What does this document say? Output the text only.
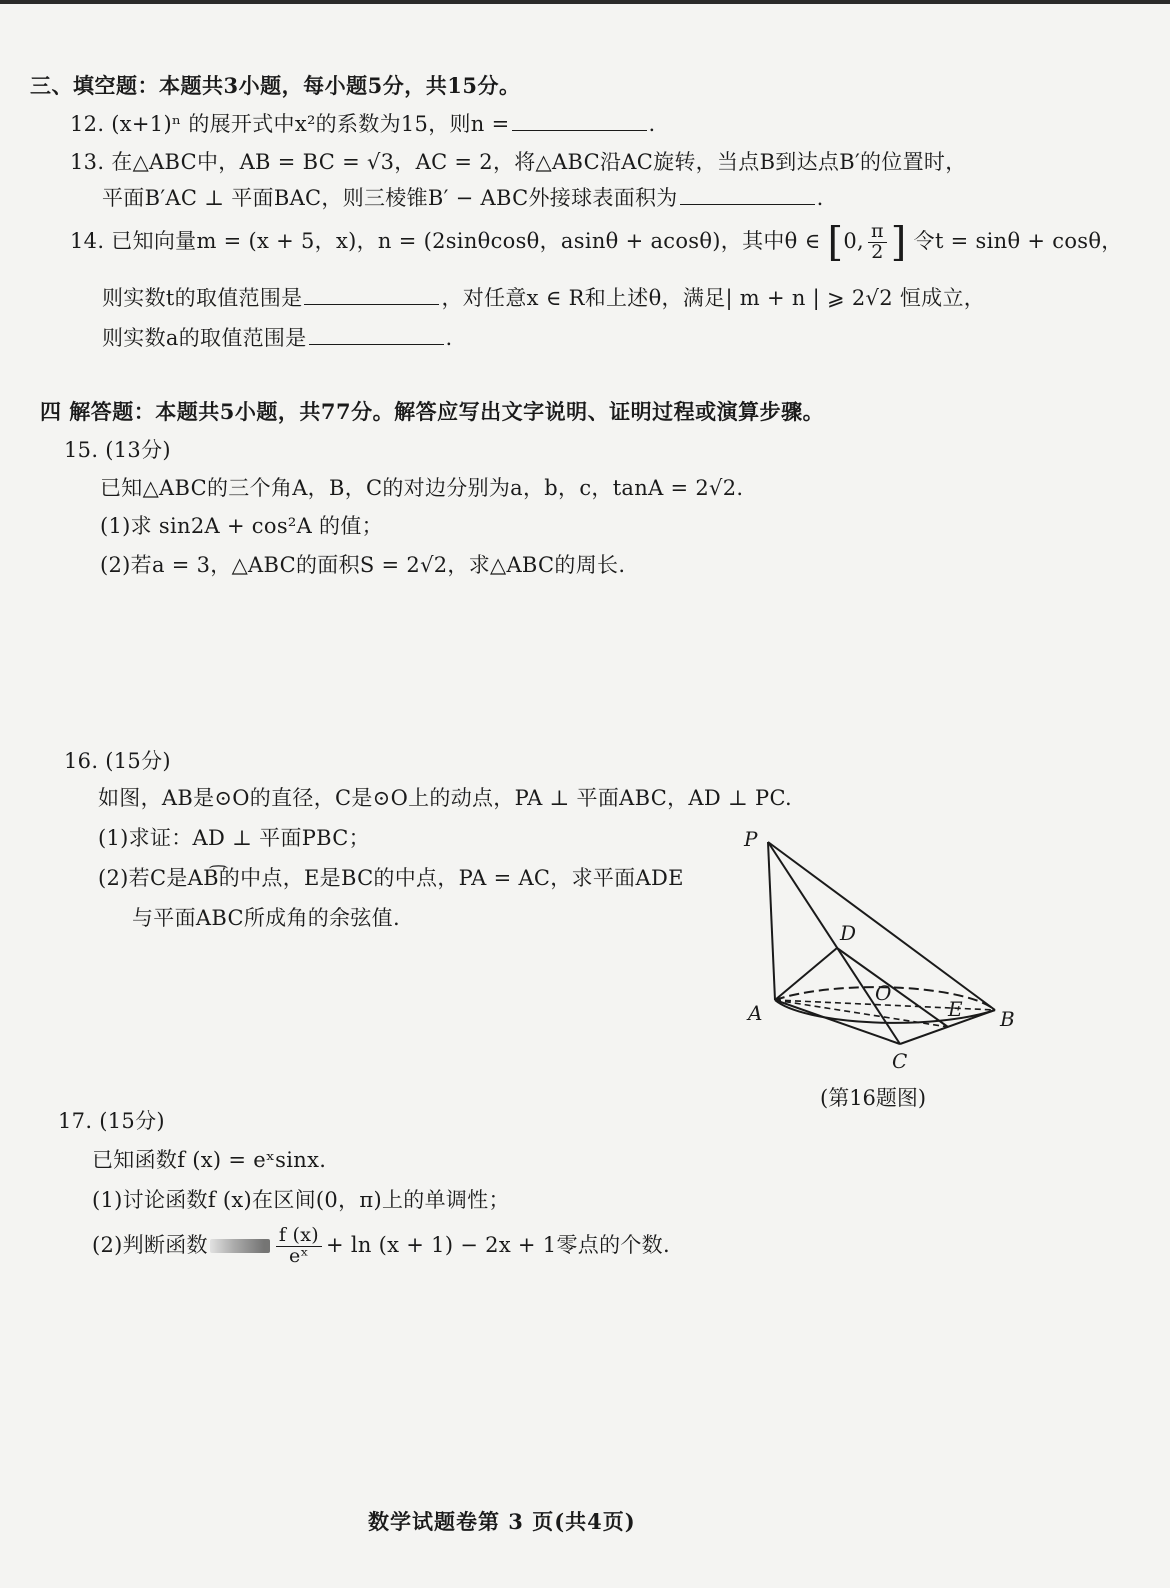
三、填空题：本题共3小题，每小题5分，共15分。
12. (x+1)ⁿ 的展开式中x²的系数为15，则n =	.
13. 在△ABC中，AB = BC = √3，AC = 2，将△ABC沿AC旋转，当点B到达点B′的位置时，
平面B′AC ⊥ 平面BAC，则三棱锥B′ − ABC外接球表面积为	.
14. 已知向量m = (x + 5，x)，n = (2sinθcosθ，asinθ + acosθ)，其中θ ∈ [0, $\frac{\pi}{2}$ ] 令t = sinθ + cosθ，
则实数t的取值范围是	，对任意x ∈ R和上述θ，满足| m + n | ⩾ 2√2 恒成立，
则实数a的取值范围是	.
四 解答题：本题共5小题，共77分。解答应写出文字说明、证明过程或演算步骤。
15. (13分)
已知△ABC的三个角A，B，C的对边分别为a，b，c，tanA = 2√2.
(1)求 sin2A + cos²A 的值；
(2)若a = 3，△ABC的面积S = 2√2，求△ABC的周长.
16. (15分)
如图，AB是⊙O的直径，C是⊙O上的动点，PA ⊥ 平面ABC，AD ⊥ PC.
(1)求证：AD ⊥ 平面PBC；
(2)若C是AB͡的中点，E是BC的中点，PA = AC，求平面ADE
与平面ABC所成角的余弦值.
P
D
O
E
A	B
C
(第16题图)
17. (15分)
已知函数f (x) = eˣsinx.
(1)讨论函数f (x)在区间(0，π)上的单调性；
(2)判断函数	$\frac{f (x)}{\text{eˣ}} + \ln (x + 1) - 2x + 1$零点的个数.
数学试题卷第 3 页(共4页)
